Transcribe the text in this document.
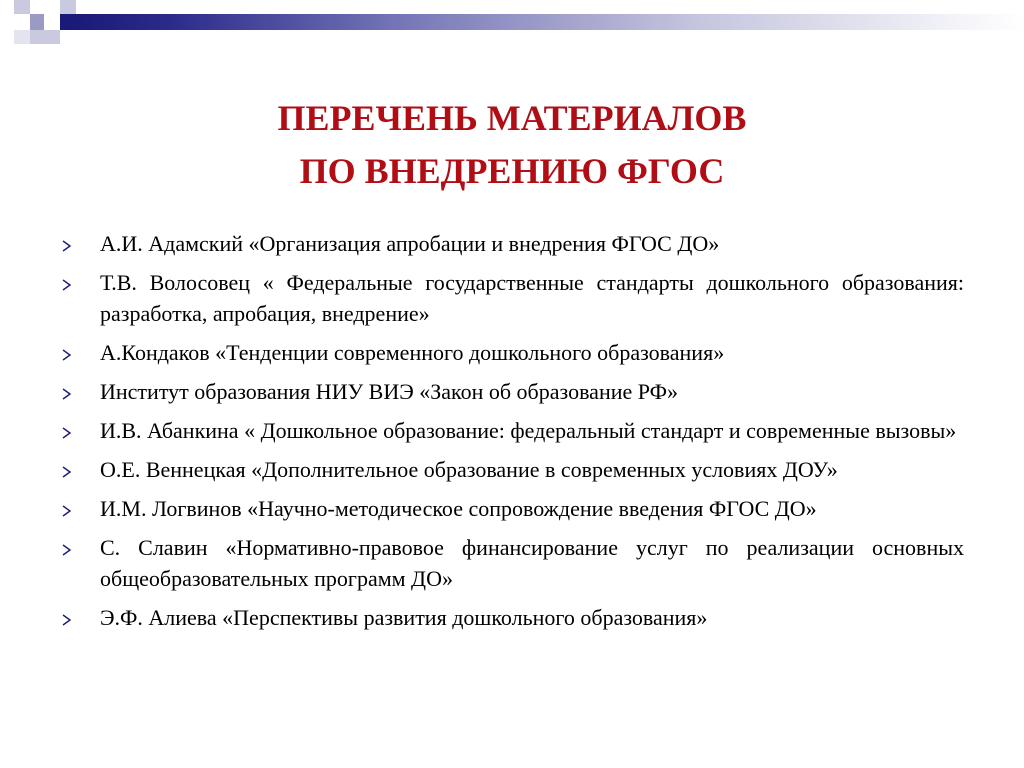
ПЕРЕЧЕНЬ МАТЕРИАЛОВ
ПО ВНЕДРЕНИЮ ФГОС
А.И. Адамский «Организация апробации и внедрения ФГОС ДО»
Т.В. Волосовец « Федеральные государственные стандарты дошкольного образования: разработка, апробация, внедрение»
А.Кондаков «Тенденции современного дошкольного образования»
Институт образования НИУ ВИЭ «Закон об образование РФ»
И.В. Абанкина « Дошкольное образование: федеральный стандарт и современные вызовы»
О.Е. Веннецкая «Дополнительное образование в современных условиях ДОУ»
И.М. Логвинов «Научно-методическое сопровождение введения ФГОС ДО»
С. Славин «Нормативно-правовое финансирование услуг по реализации основных общеобразовательных программ ДО»
Э.Ф. Алиева «Перспективы развития дошкольного образования»
